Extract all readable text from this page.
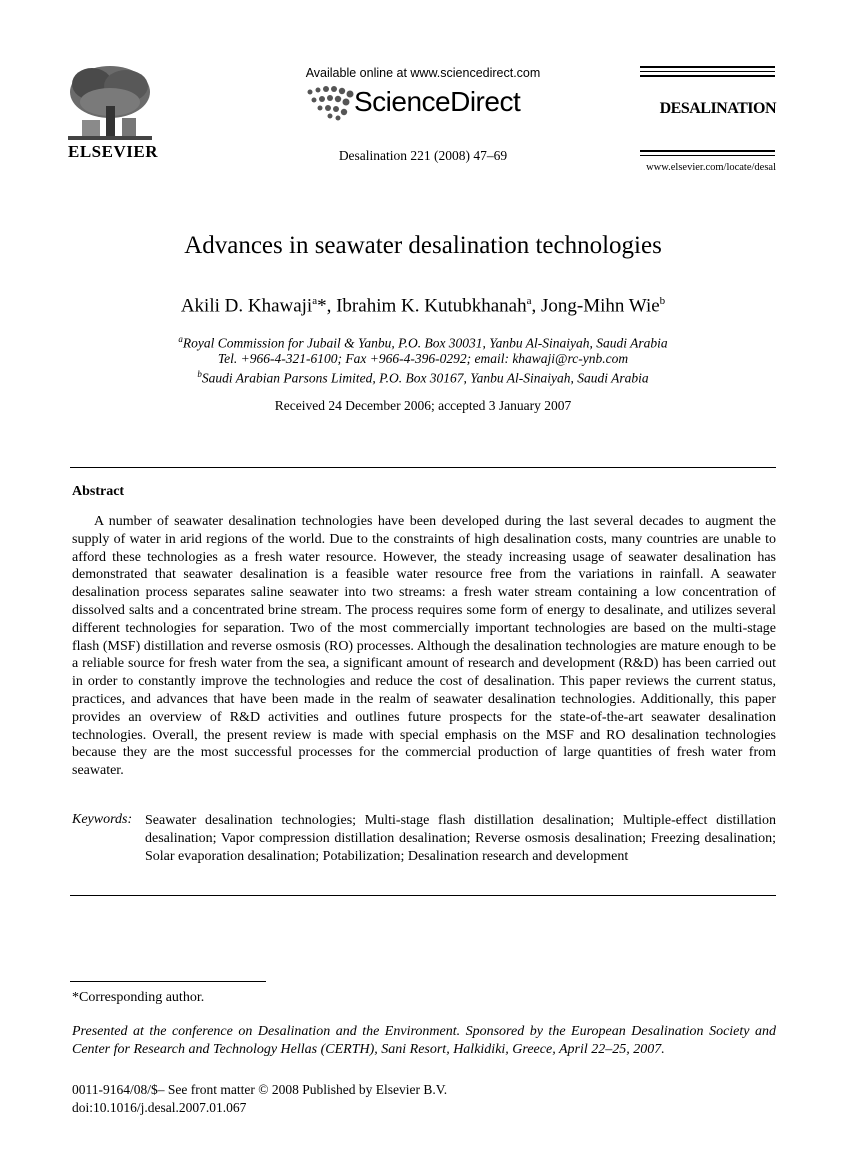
ELSEVIER
Available online at www.sciencedirect.com
ScienceDirect
Desalination 221 (2008) 47–69
DESALINATION
www.elsevier.com/locate/desal
Advances in seawater desalination technologies
Akili D. Khawaji$^a$*, Ibrahim K. Kutubkhanah$^a$, Jong-Mihn Wie$^b$
$^a$Royal Commission for Jubail & Yanbu, P.O. Box 30031, Yanbu Al-Sinaiyah, Saudi Arabia
Tel. +966-4-321-6100; Fax +966-4-396-0292; email: khawaji@rc-ynb.com
$^b$Saudi Arabian Parsons Limited, P.O. Box 30167, Yanbu Al-Sinaiyah, Saudi Arabia
Received 24 December 2006; accepted 3 January 2007
Abstract

A number of seawater desalination technologies have been developed during the last several decades to augment the supply of water in arid regions of the world. Due to the constraints of high desalination costs, many countries are unable to afford these technologies as a fresh water resource. However, the steady increasing usage of seawater desalination has demonstrated that seawater desalination is a feasible water resource free from the variations in rainfall. A seawater desalination process separates saline seawater into two streams: a fresh water stream containing a low concentration of dissolved salts and a concentrated brine stream. The process requires some form of energy to desalinate, and utilizes several different technologies for separation. Two of the most commercially important technologies are based on the multi-stage flash (MSF) distillation and reverse osmosis (RO) processes. Although the desalination technologies are mature enough to be a reliable source for fresh water from the sea, a significant amount of research and development (R&D) has been carried out in order to constantly improve the technologies and reduce the cost of desalination. This paper reviews the current status, practices, and advances that have been made in the realm of seawater desalination technologies. Additionally, this paper provides an overview of R&D activities and outlines future prospects for the state-of-the-art seawater desalination technologies. Overall, the present review is made with special emphasis on the MSF and RO desalination technologies because they are the most successful processes for the commercial production of large quantities of fresh water from seawater.

Keywords: Seawater desalination technologies; Multi-stage flash distillation desalination; Multiple-effect distillation desalination; Vapor compression distillation desalination; Reverse osmosis desalination; Freezing desalination; Solar evaporation desalination; Potabilization; Desalination research and development

*Corresponding author.

Presented at the conference on Desalination and the Environment. Sponsored by the European Desalination Society and Center for Research and Technology Hellas (CERTH), Sani Resort, Halkidiki, Greece, April 22–25, 2007.

0011-9164/08/$– See front matter © 2008 Published by Elsevier B.V.
doi:10.1016/j.desal.2007.01.067
